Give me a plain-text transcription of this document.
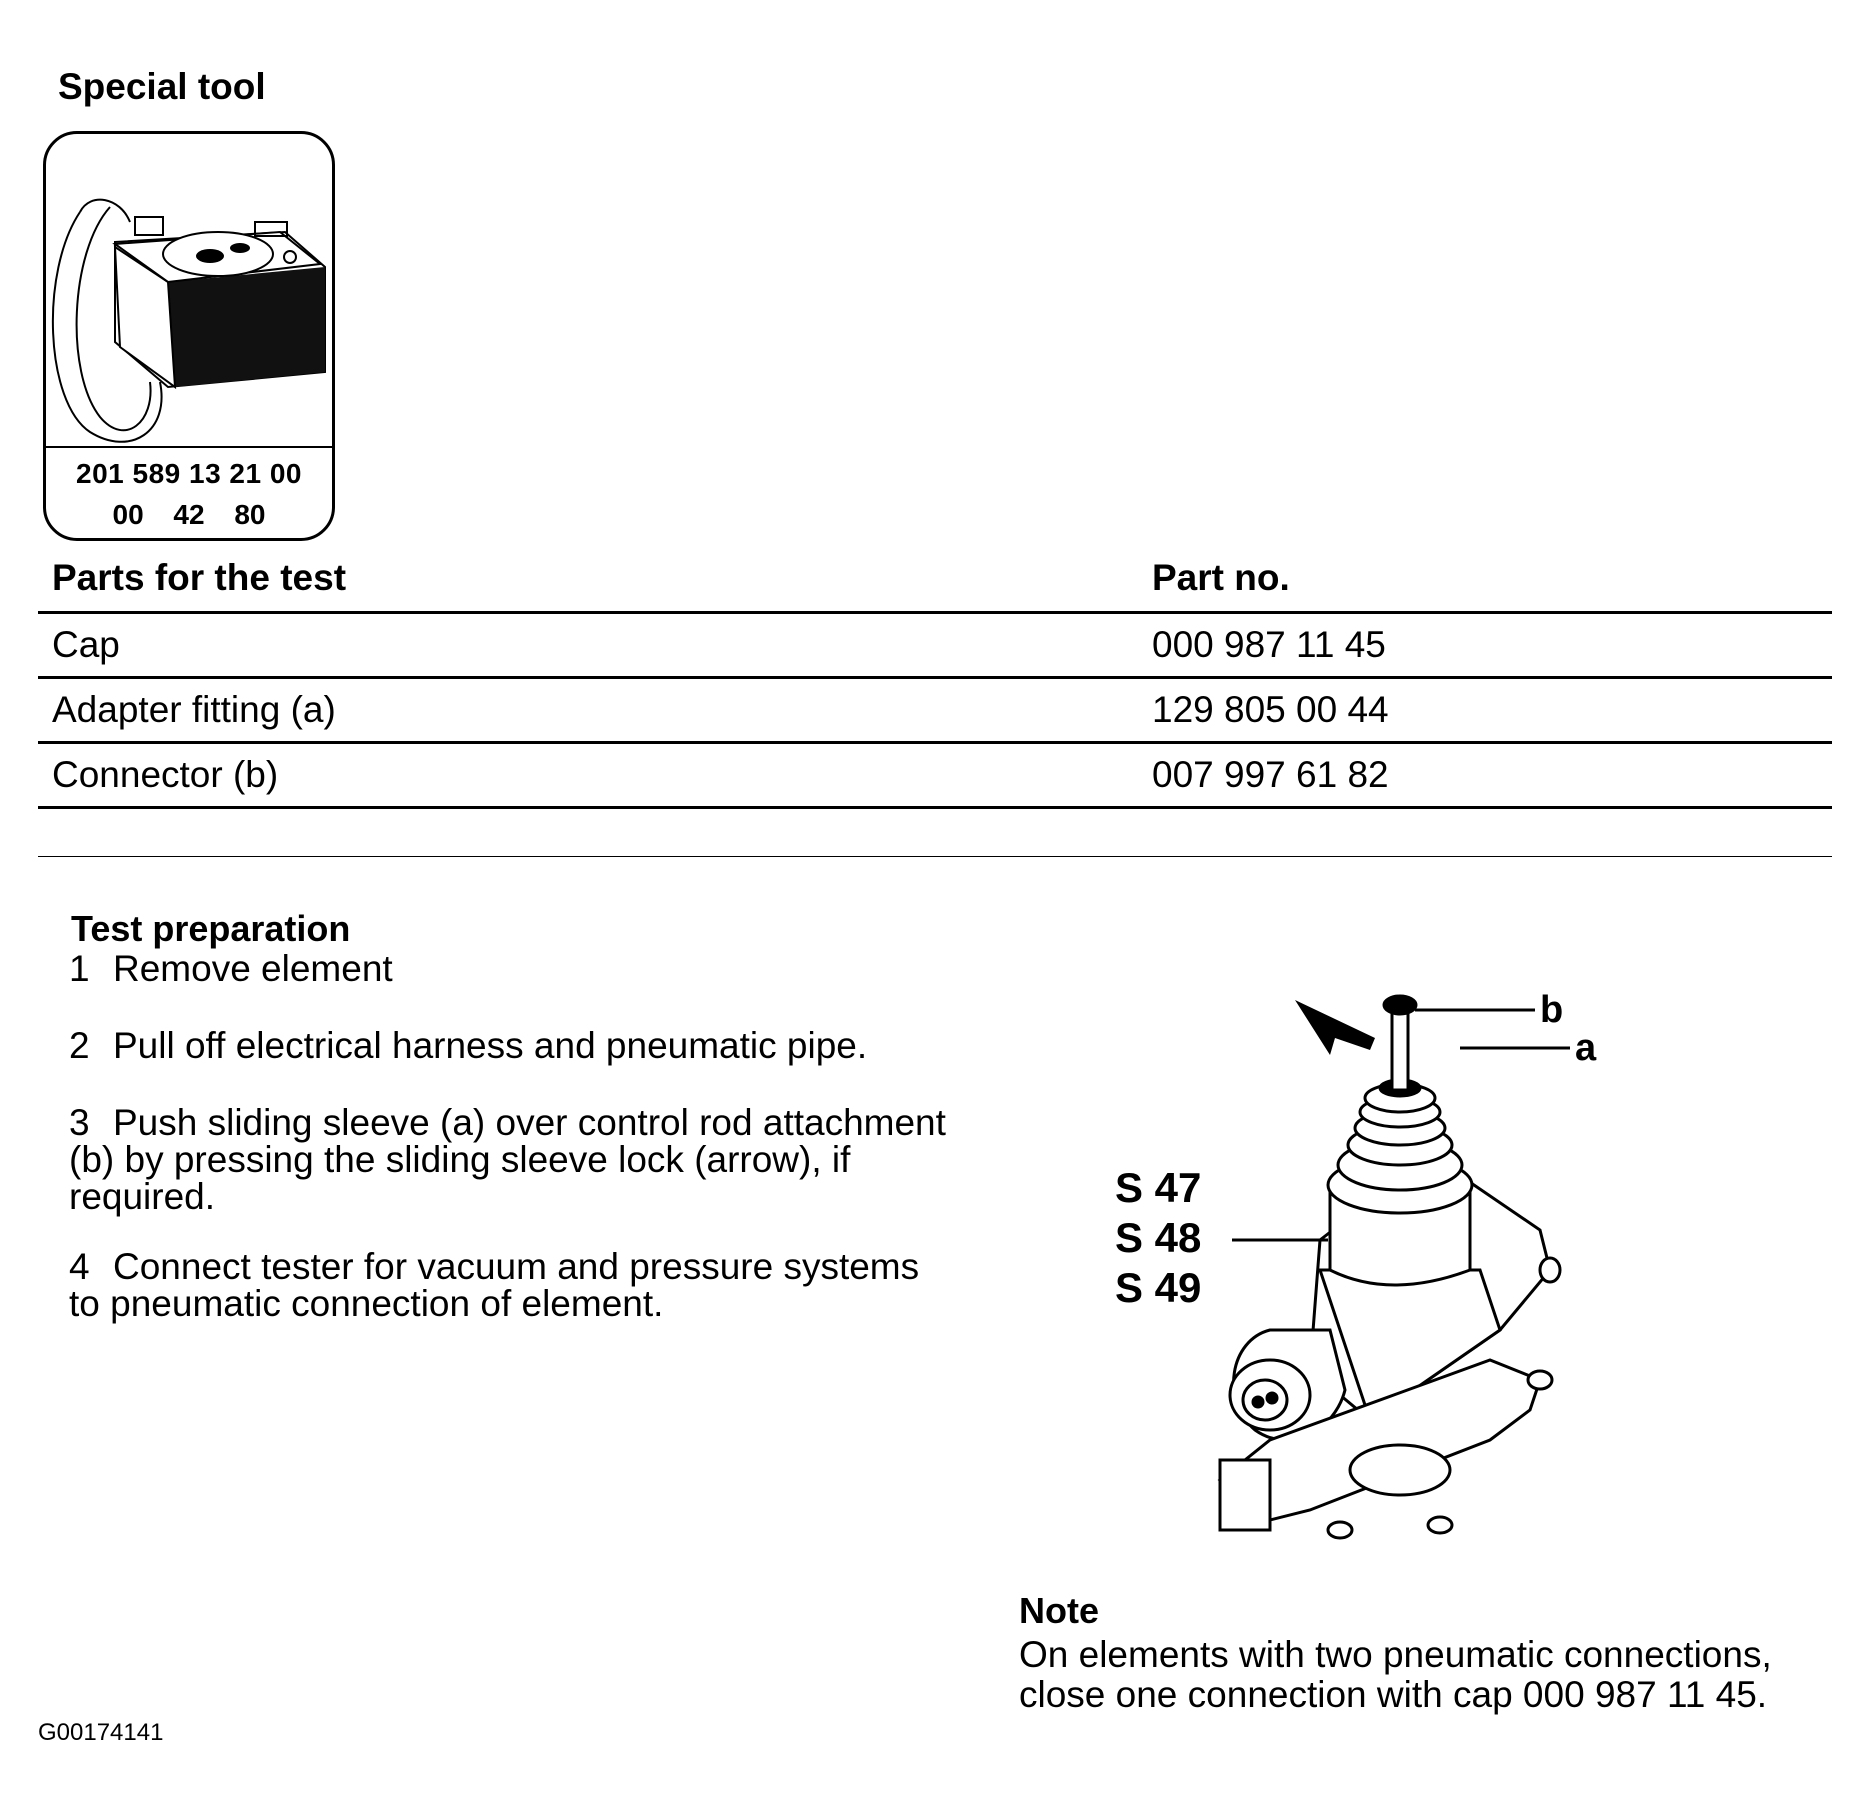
Special tool
201 589 13 21 00
00 42 80
Parts for the test	Part no.
Cap	000 987 11 45
Adapter fitting (a)	129 805 00 44
Connector (b)	007 997 61 82
Test preparation
1 Remove element
2 Pull off electrical harness and pneumatic pipe.
3 Push sliding sleeve (a) over control rod attachment (b) by pressing the sliding sleeve lock (arrow), if required.
4 Connect tester for vacuum and pressure systems to pneumatic connection of element.
b
a
S 47
S 48
S 49
Note
On elements with two pneumatic connections, close one connection with cap 000 987 11 45.
G00174141
